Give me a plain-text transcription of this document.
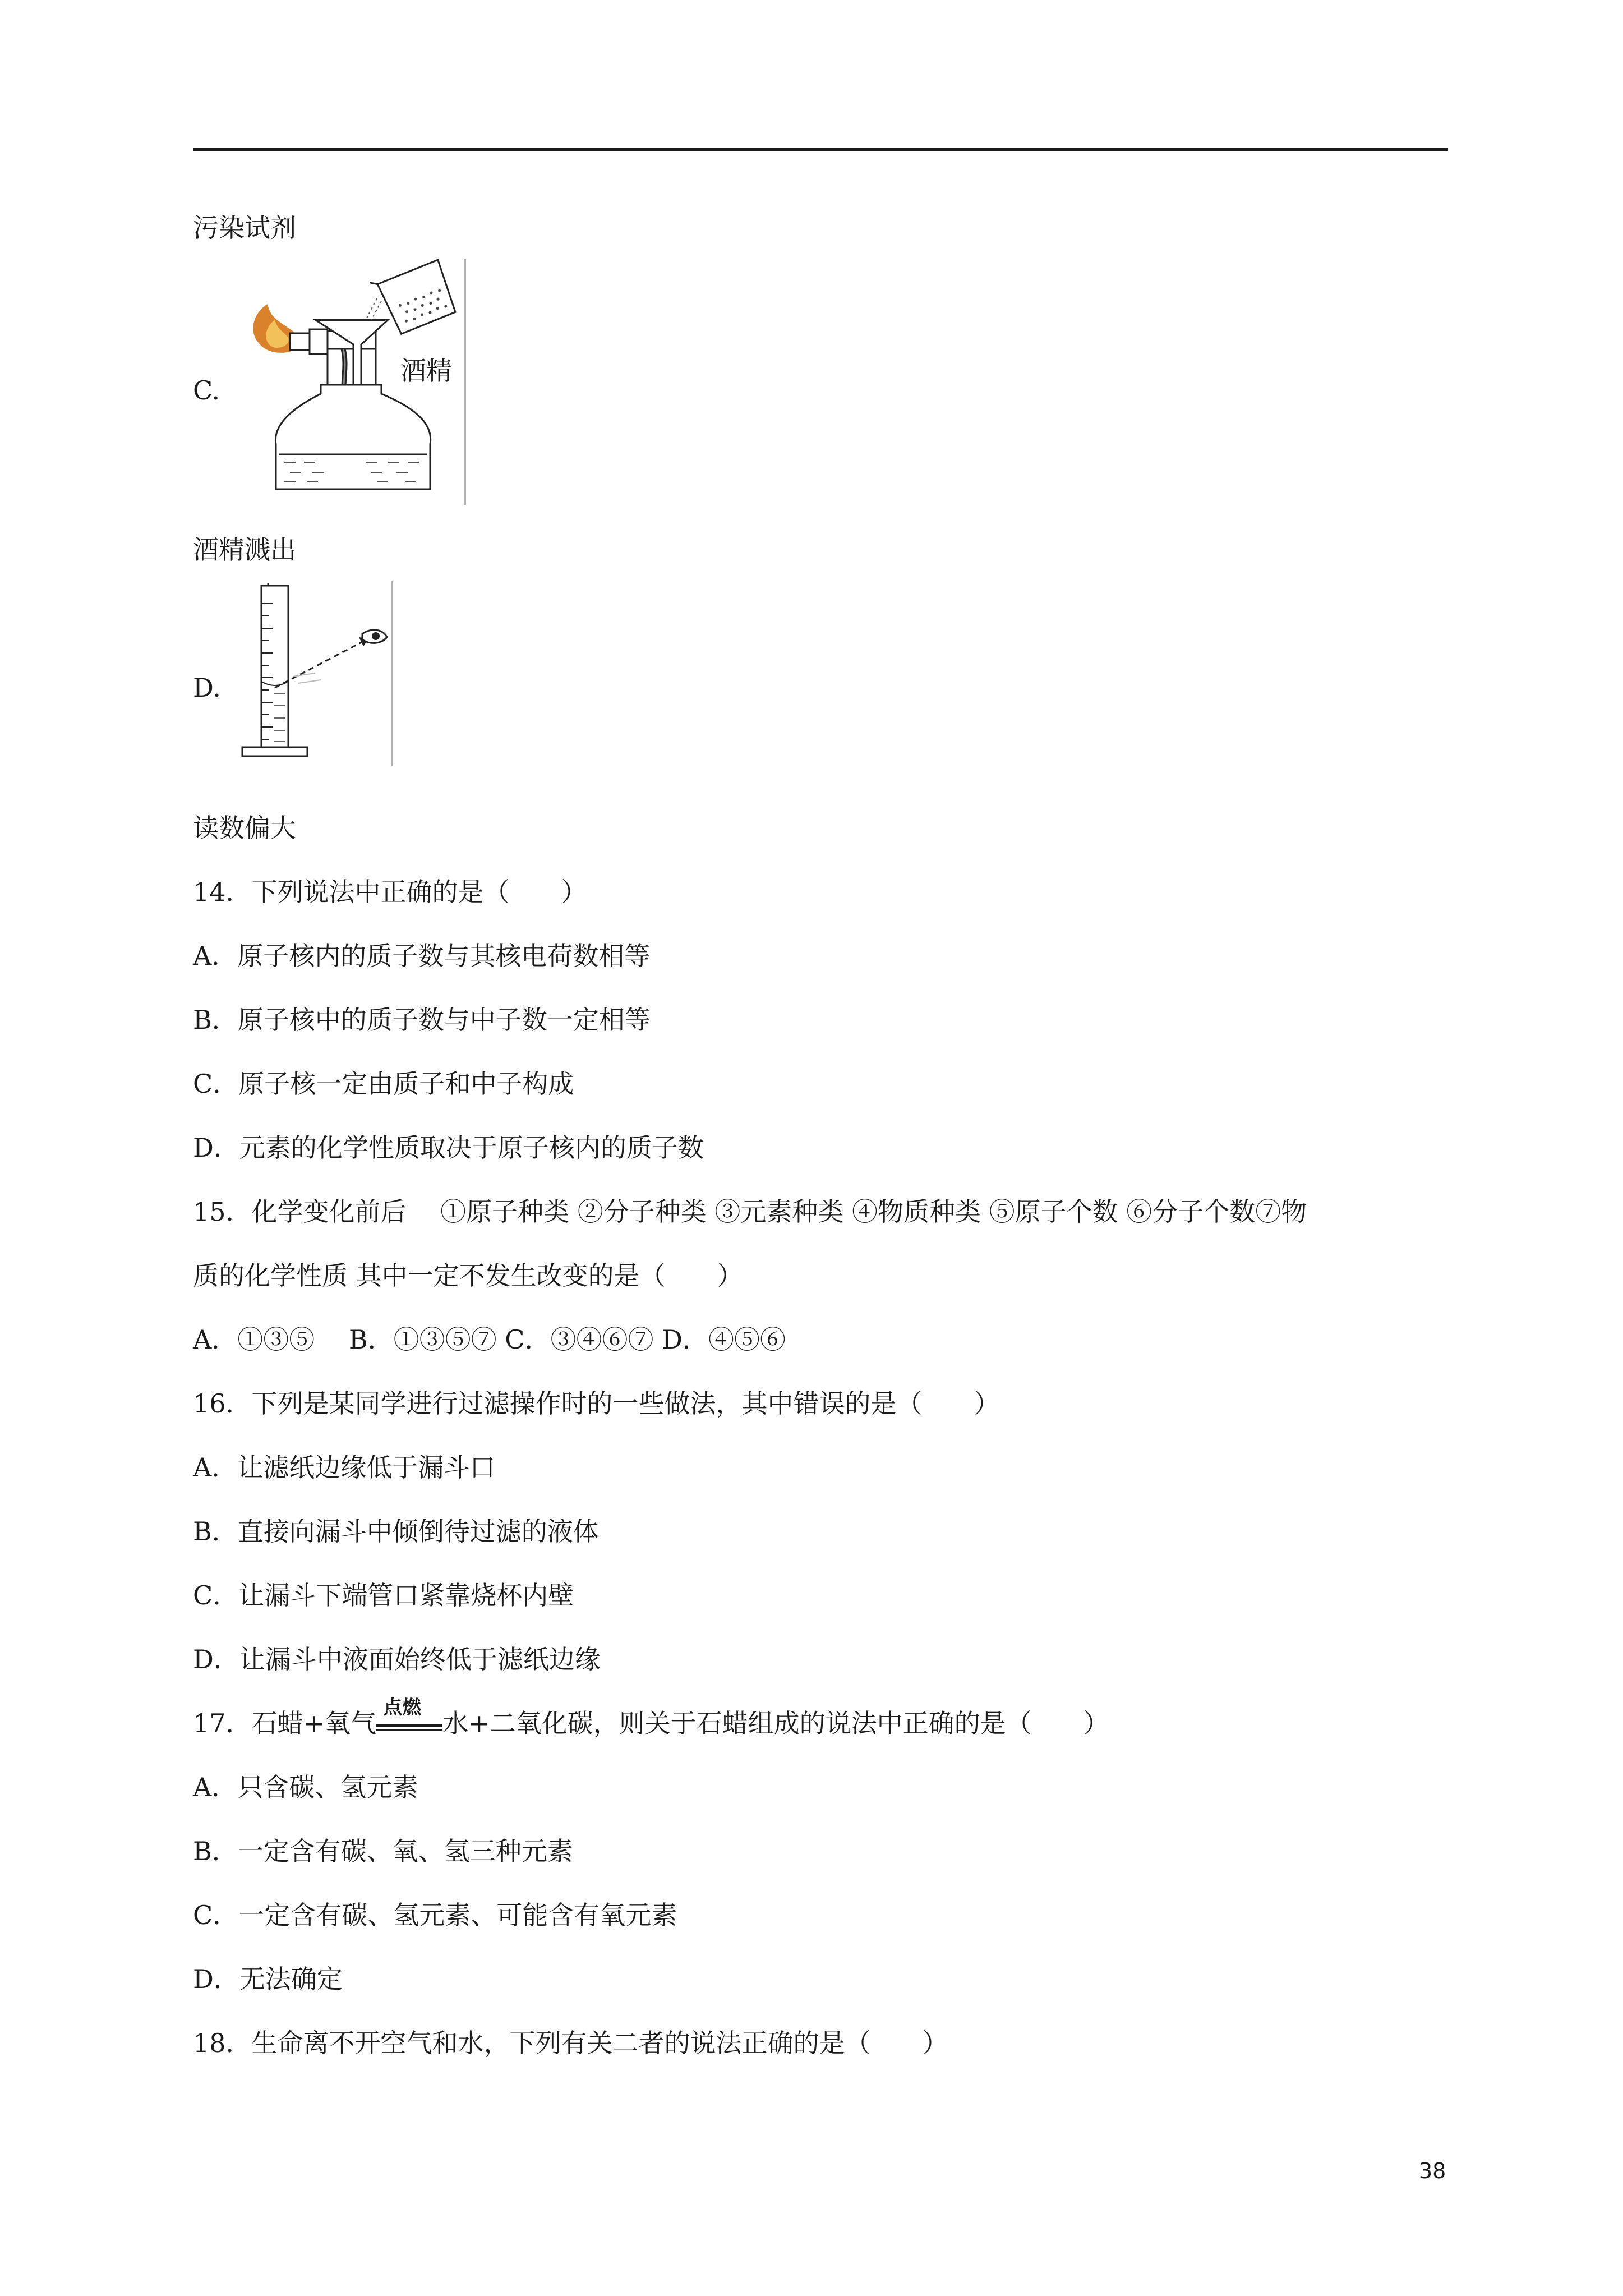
污染试剂
C.
酒精
酒精溅出
D.
读数偏大
14．下列说法中正确的是（　　）
A．原子核内的质子数与其核电荷数相等
B．原子核中的质子数与中子数一定相等
C．原子核一定由质子和中子构成
D．元素的化学性质取决于原子核内的质子数
15．化学变化前后　 ①原子种类 ②分子种类 ③元素种类 ④物质种类 ⑤原子个数 ⑥分子个数⑦物
质的化学性质 其中一定不发生改变的是（　　）
A．①③⑤　 B．①③⑤⑦ C．③④⑥⑦ D．④⑤⑥
16．下列是某同学进行过滤操作时的一些做法，其中错误的是（　　）
A．让滤纸边缘低于漏斗口
B．直接向漏斗中倾倒待过滤的液体
C．让漏斗下端管口紧靠烧杯内壁
D．让漏斗中液面始终低于滤纸边缘
17．石蜡+氧气
点燃
水+二氧化碳，则关于石蜡组成的说法中正确的是（　　）
A．只含碳、氢元素
B．一定含有碳、氧、氢三种元素
C．一定含有碳、氢元素、可能含有氧元素
D．无法确定
18．生命离不开空气和水，下列有关二者的说法正确的是（　　）
38
